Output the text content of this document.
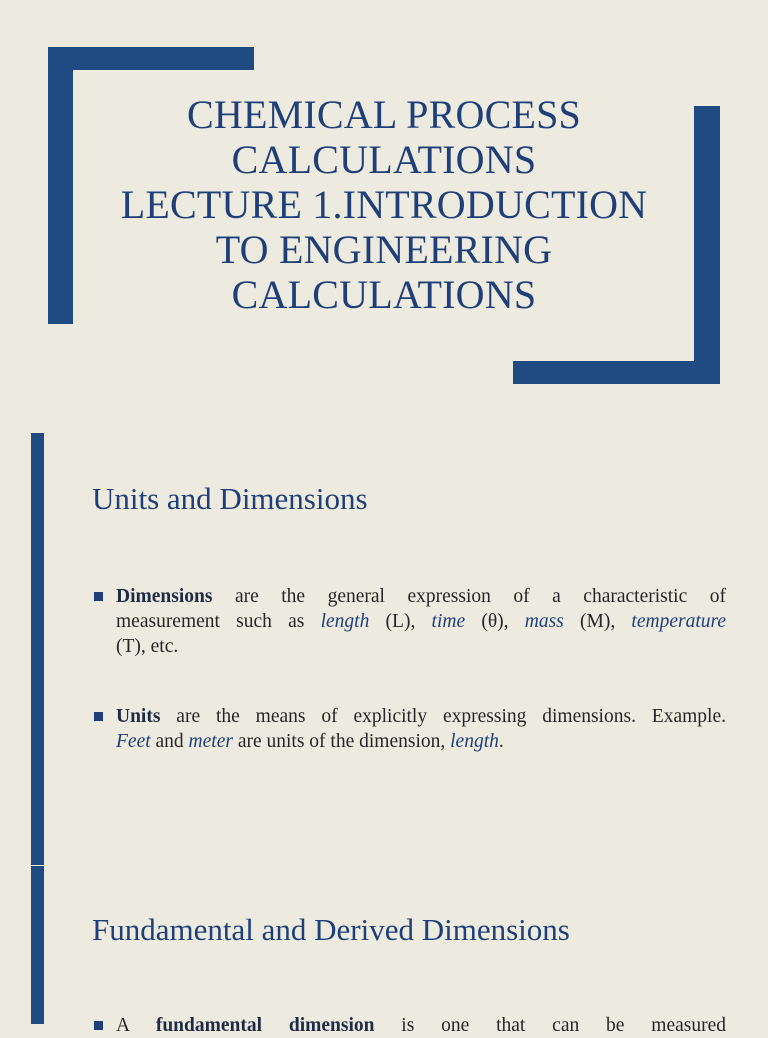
CHEMICAL PROCESS
CALCULATIONS
LECTURE 1.INTRODUCTION
TO ENGINEERING
CALCULATIONS
Units and Dimensions
Dimensions are the general expression of a characteristic of
measurement such as length (L), time (θ), mass (M), temperature
(T), etc.
Units are the means of explicitly expressing dimensions. Example.
Feet and meter are units of the dimension, length.
Fundamental and Derived Dimensions
A fundamental dimension is one that can be measured
